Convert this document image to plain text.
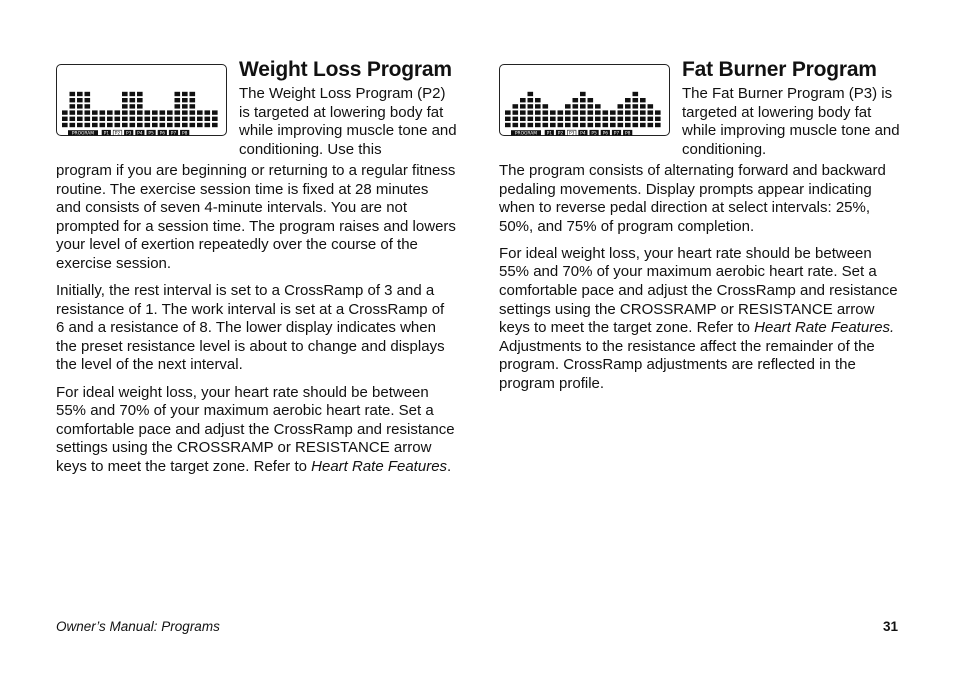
PROGRAM P1 P2 P3 P4 P5 P6 P7 P8
Weight Loss Program

The Weight Loss Program (P2) is targeted at lowering body fat while improving muscle tone and conditioning. Use this

program if you are beginning or returning to a regular fitness routine. The exercise session time is fixed at 28 minutes and consists of seven 4-minute intervals. You are not prompted for a session time. The program raises and lowers your level of exertion repeatedly over the course of the exercise session.

Initially, the rest interval is set to a CrossRamp of 3 and a resistance of 1. The work interval is set at a CrossRamp of 6 and a resistance of 8. The lower display indicates when the preset resistance level is about to change and displays the level of the next interval.

For ideal weight loss, your heart rate should be between 55% and 70% of your maximum aerobic heart rate. Set a comfortable pace and adjust the CrossRamp and resistance settings using the CROSSRAMP or RESISTANCE arrow keys to meet the target zone. Refer to Heart Rate Features.

PROGRAM P1 P2 P3 P4 P5 P6 P7 P8
Fat Burner Program

The Fat Burner Program (P3) is targeted at lowering body fat while improving muscle tone and conditioning.

The program consists of alternating forward and backward pedaling movements. Display prompts appear indicating when to reverse pedal direction at select intervals: 25%, 50%, and 75% of program completion.

For ideal weight loss, your heart rate should be between 55% and 70% of your maximum aerobic heart rate. Set a comfortable pace and adjust the CrossRamp and resistance settings using the CROSSRAMP or RESISTANCE arrow keys to meet the target zone. Refer to Heart Rate Features. Adjustments to the resistance affect the remainder of the program. CrossRamp adjustments are reflected in the program profile.

Owner’s Manual: Programs	31
